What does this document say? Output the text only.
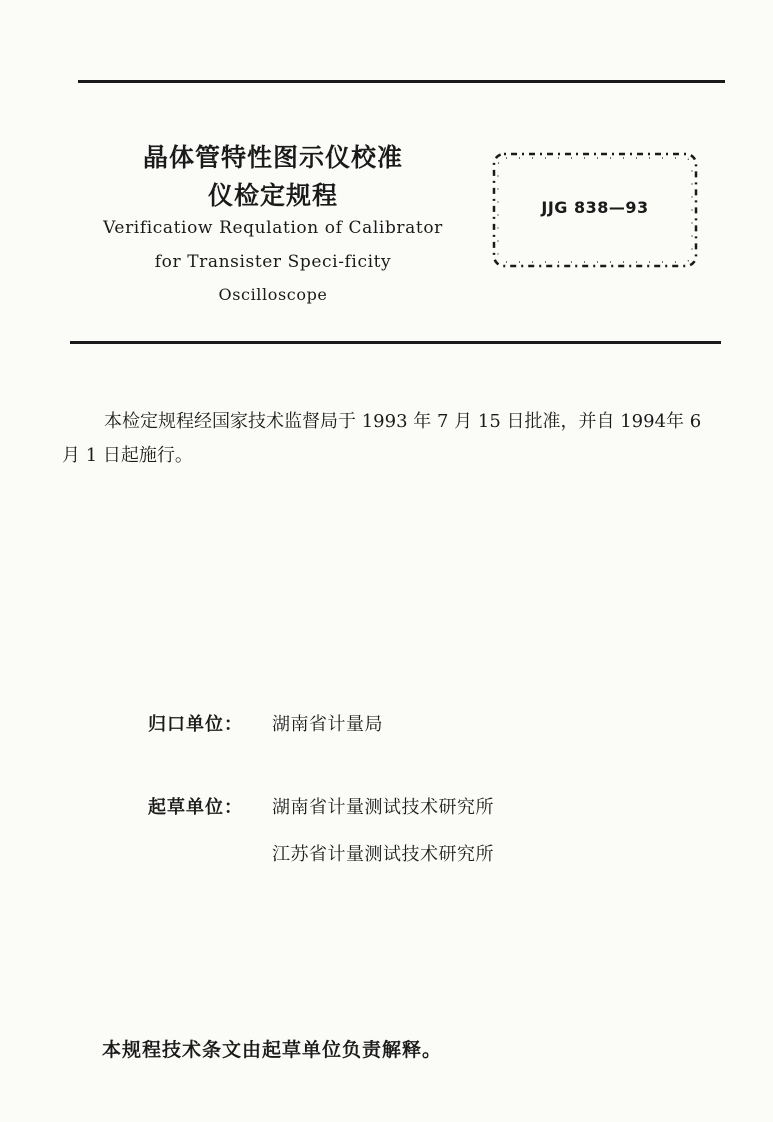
晶体管特性图示仪校准
仪检定规程

Verificatiow Requlation of Calibrator

for Transister Speci-ficity

Oscilloscope

JJG 838—93

本检定规程经国家技术监督局于 1993 年 7 月 15 日批准，并自 1994年 6 月 1 日起施行。

归口单位： 湖南省计量局
起草单位： 湖南省计量测试技术研究所
江苏省计量测试技术研究所

本规程技术条文由起草单位负责解释。
